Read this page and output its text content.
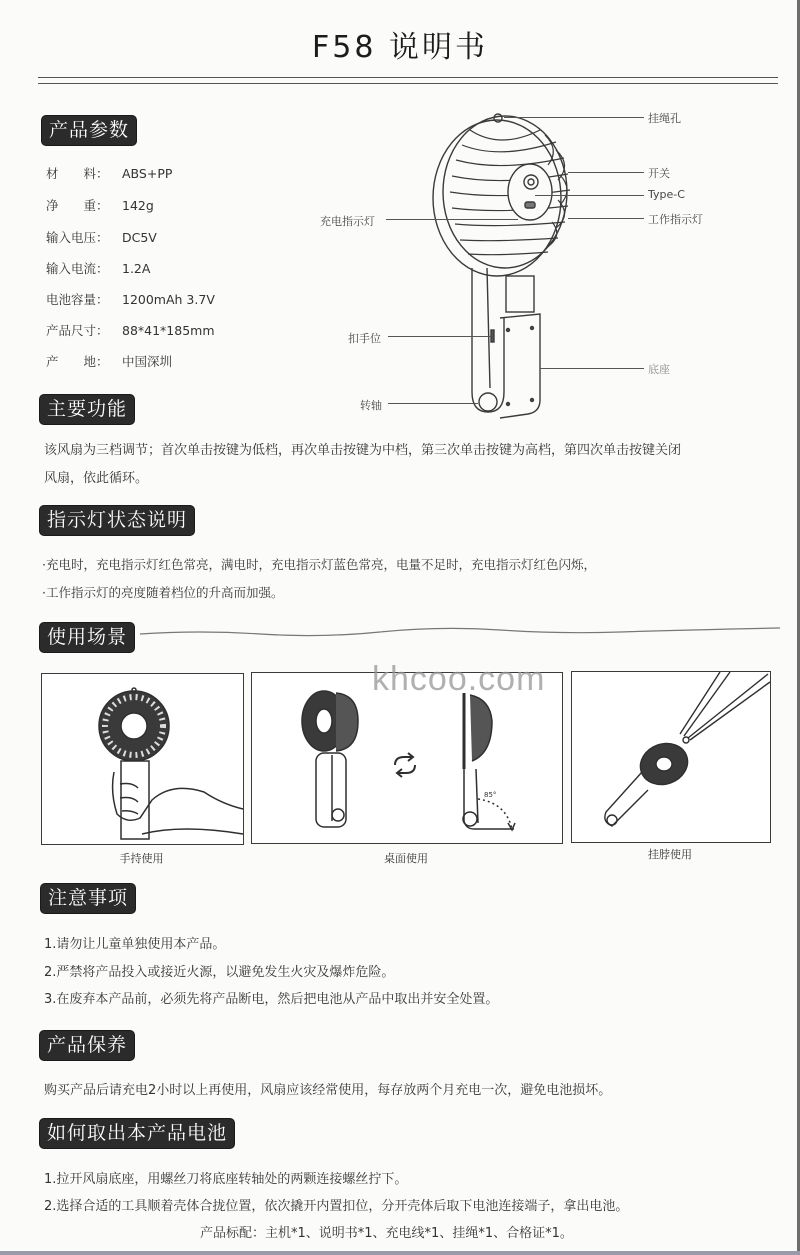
F58 说明书
产品参数
材　　料： ABS+PP
净　　重： 142g
输入电压： DC5V
输入电流： 1.2A
电池容量： 1200mAh 3.7V
产品尺寸： 88*41*185mm
产　　地： 中国深圳
挂绳孔
开关
Type-C
工作指示灯
充电指示灯
扣手位
底座
转轴
主要功能
该风扇为三档调节；首次单击按键为低档，再次单击按键为中档，第三次单击按键为高档，第四次单击按键关闭
风扇，依此循环。
指示灯状态说明
·充电时，充电指示灯红色常亮，满电时，充电指示灯蓝色常亮，电量不足时，充电指示灯红色闪烁，
·工作指示灯的亮度随着档位的升高而加强。
使用场景
手持使用
85°
桌面使用	挂脖使用
khcoo.com
注意事项
1.请勿让儿童单独使用本产品。
2.严禁将产品投入或接近火源，以避免发生火灾及爆炸危险。
3.在废弃本产品前，必须先将产品断电，然后把电池从产品中取出并安全处置。
产品保养
购买产品后请充电2小时以上再使用，风扇应该经常使用，每存放两个月充电一次，避免电池损坏。
如何取出本产品电池
1.拉开风扇底座，用螺丝刀将底座转轴处的两颗连接螺丝拧下。
2.选择合适的工具顺着壳体合拢位置，依次撬开内置扣位，分开壳体后取下电池连接端子，拿出电池。
产品标配：主机*1、说明书*1、充电线*1、挂绳*1、合格证*1。
